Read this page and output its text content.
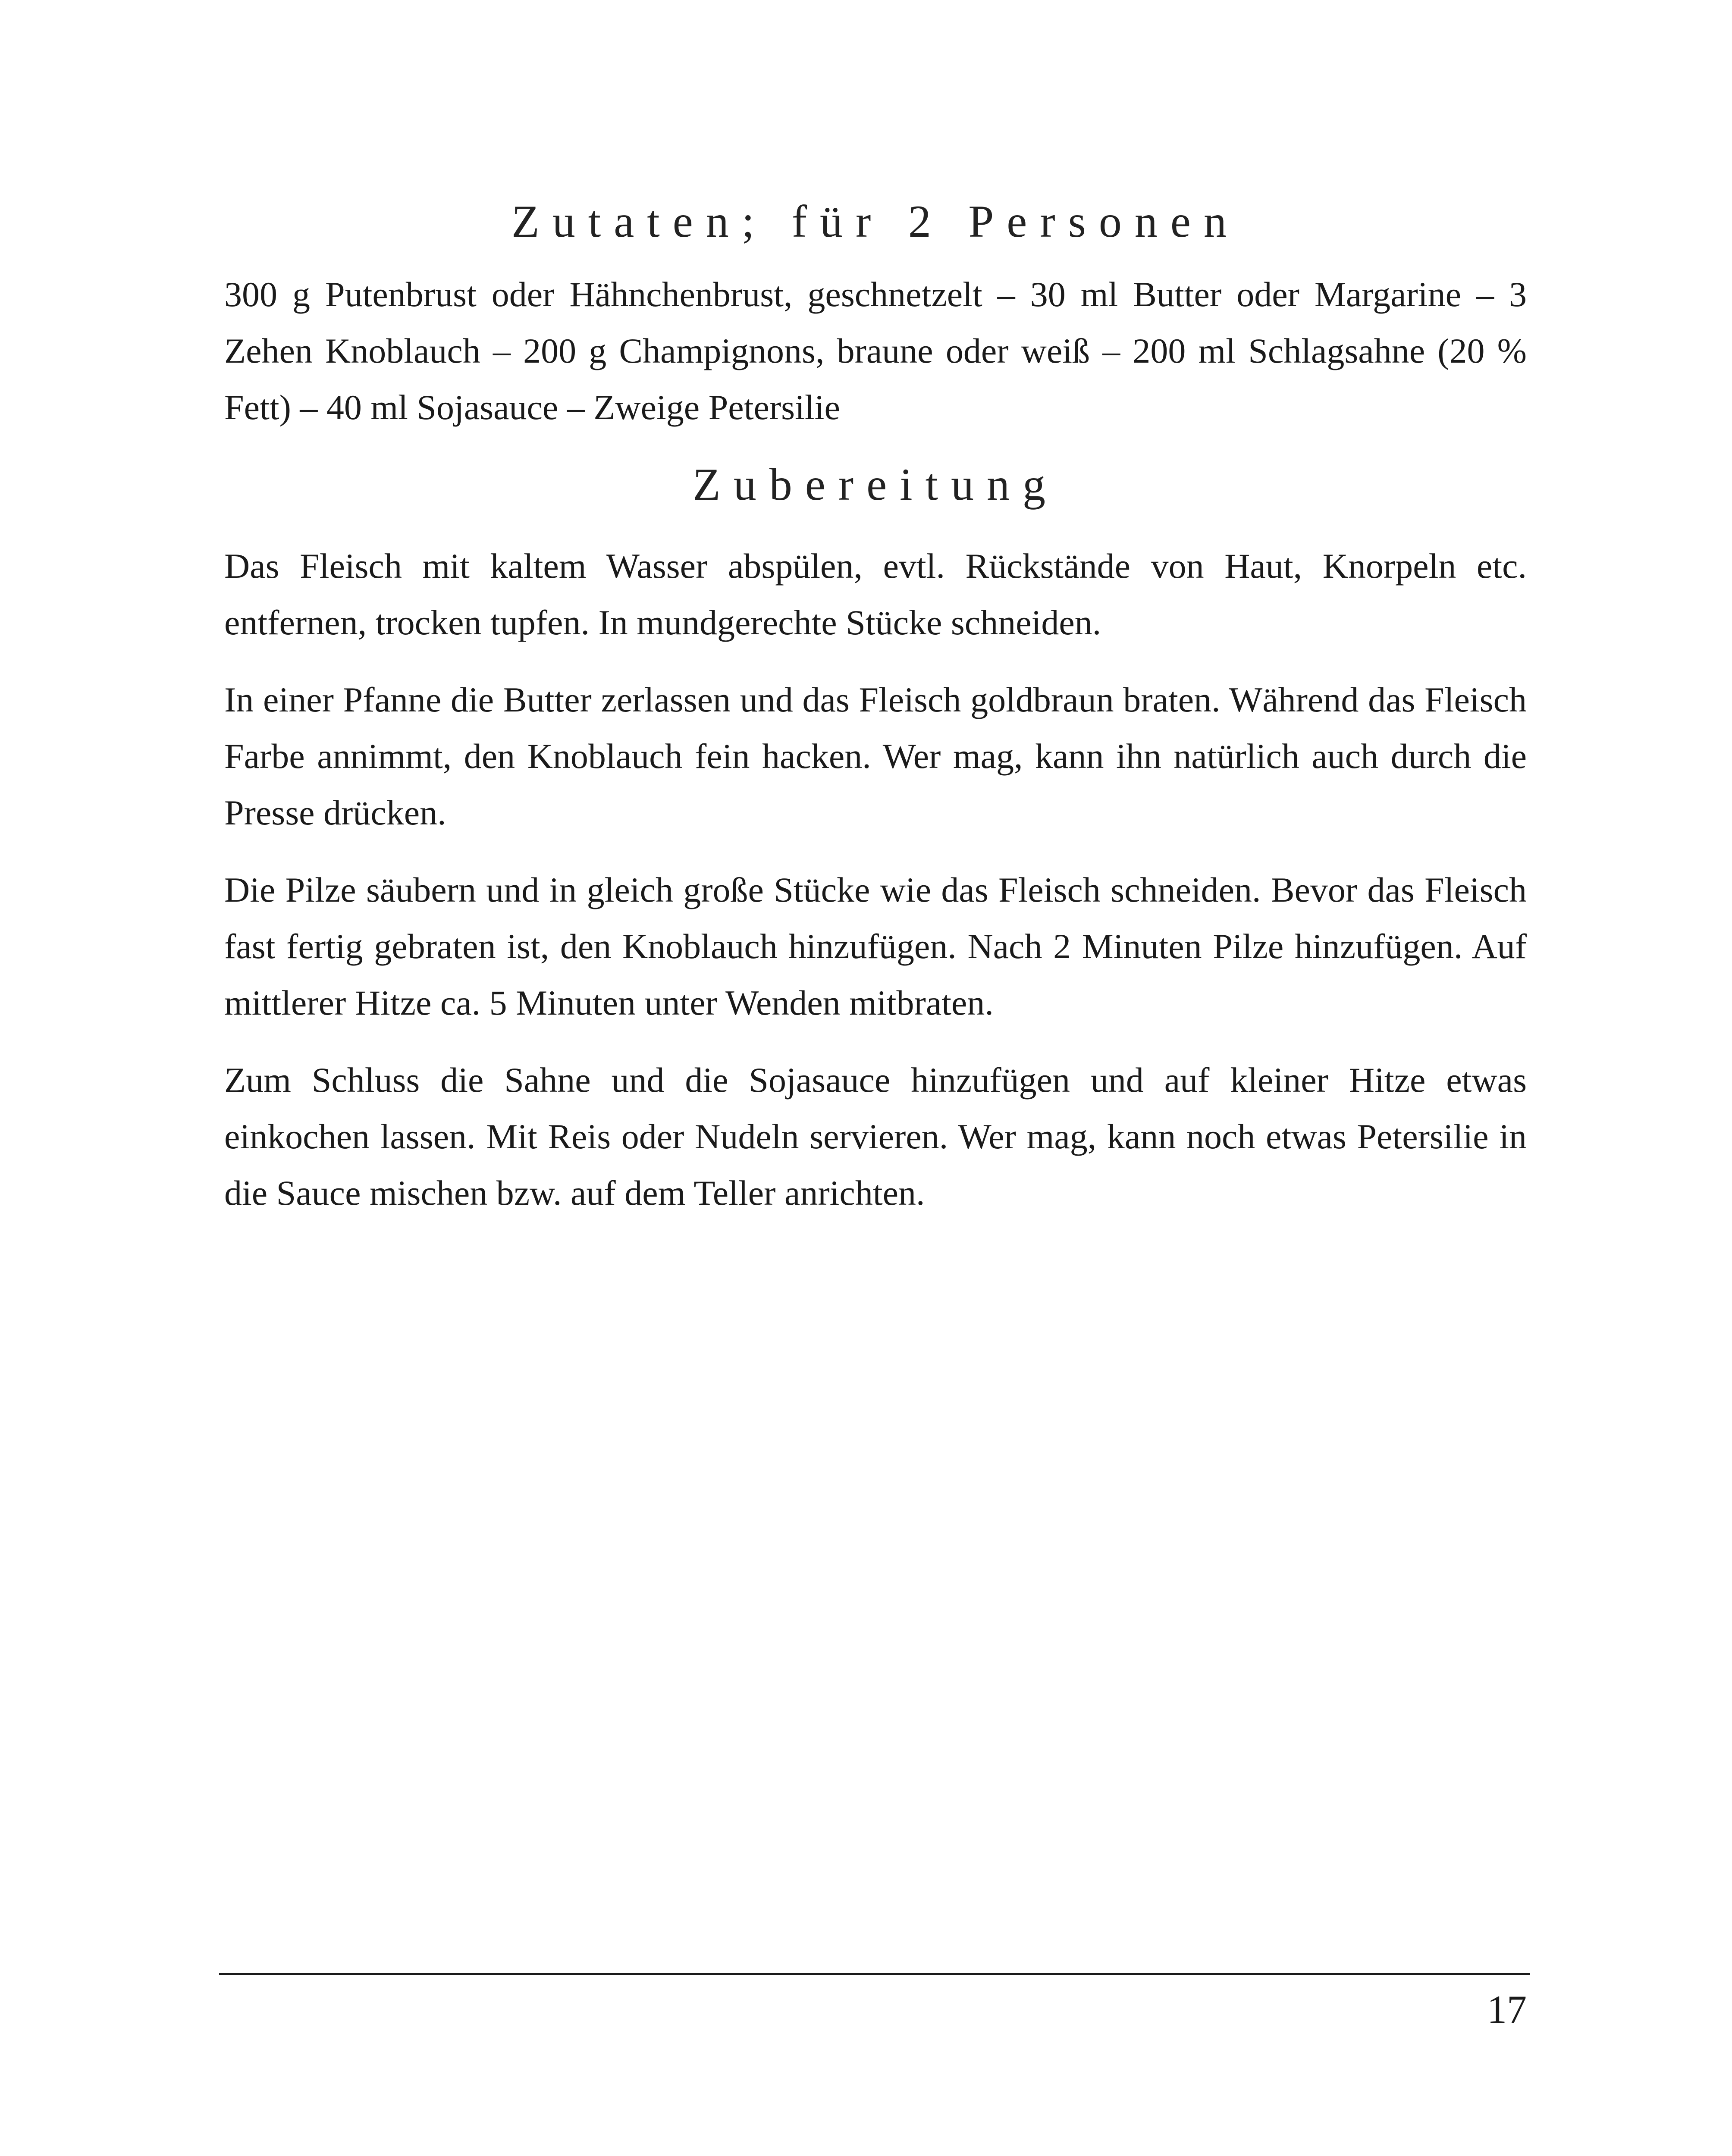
Zutaten; für 2 Personen

300 g Putenbrust oder Hähnchenbrust, geschnetzelt – 30 ml Butter oder Margarine – 3 Zehen Knoblauch – 200 g Champignons, braune oder weiß – 200 ml Schlagsahne (20 % Fett) – 40 ml Sojasauce – Zweige Petersilie

Zubereitung

Das Fleisch mit kaltem Wasser abspülen, evtl. Rückstände von Haut, Knorpeln etc. entfernen, trocken tupfen. In mundgerechte Stücke schneiden.

In einer Pfanne die Butter zerlassen und das Fleisch goldbraun braten. Während das Fleisch Farbe annimmt, den Knoblauch fein hacken. Wer mag, kann ihn natürlich auch durch die Presse drücken.

Die Pilze säubern und in gleich große Stücke wie das Fleisch schneiden. Bevor das Fleisch fast fertig gebraten ist, den Knoblauch hinzufügen. Nach 2 Minuten Pilze hinzufügen. Auf mittlerer Hitze ca. 5 Minuten unter Wenden mitbraten.

Zum Schluss die Sahne und die Sojasauce hinzufügen und auf kleiner Hitze etwas einkochen lassen. Mit Reis oder Nudeln servieren. Wer mag, kann noch etwas Petersilie in die Sauce mischen bzw. auf dem Teller anrichten.

17
